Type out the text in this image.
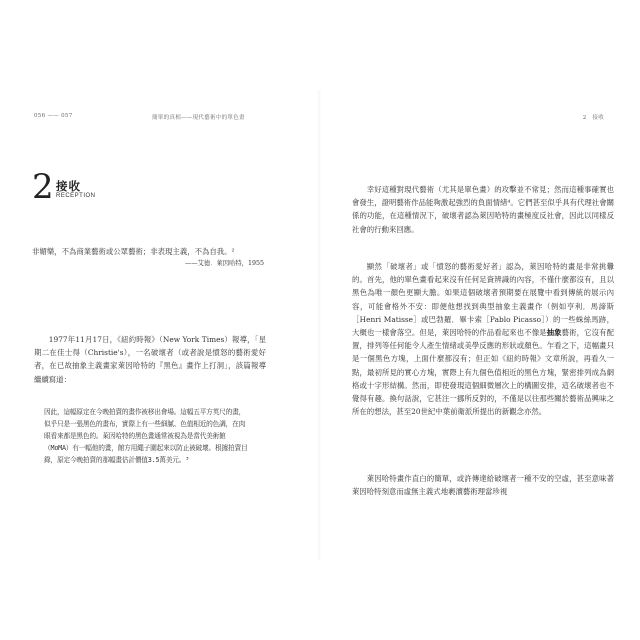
056 —— 057	簡單的真相——現代藝術中的單色畫
2 接收
RECEPTION

非媚樂，不為商業藝術或公眾藝術；非表現主義，不為自我。²

——艾德．萊因哈特，1955

1977年11月17日，《紐約時報》（New York Times）報導，「星期二在佳士得（Christie's），一名破壞者（或者說是憤怒的藝術愛好者，在已故抽象主義畫家萊因哈特的『黑色』畫作上打洞」，該篇報導繼續寫道：

因此，這幅原定在今晚拍賣的畫作被移出會場。這幅五平方英尺的畫，似乎只是一張黑色的畫布，實際上有一些細膩、色值相近的色調，在肉眼看來都是黑色的。萊因哈特的黑色畫通常被視為是當代美術館（MoMA）有一幅他的畫，館方用繩子圍起來以防止被破壞。根據拍賣目錄，原定今晚拍賣的那幅畫估計價值3.5萬美元。³

2　接收

幸好這種對現代藝術（尤其是單色畫）的攻擊並不常見；然而這種事確實也會發生，證明藝術作品能夠激起強烈的負面情緒⁴。它們甚至似乎具有代理社會關係的功能，在這種情況下，破壞者認為萊因哈特的畫極度反社會，因此以同樣反社會的行動來回應。

顯然「破壞者」或「憤怒的藝術愛好者」認為，萊因哈特的畫是非常挑釁的。首先，他的單色畫看起來沒有任何足資辨識的內容，不僅什麼都沒有，且以黑色為唯一顏色更顯大膽。如果這個破壞者預期要在展覽中看到傳統的展示內容，可能會格外不安：即便他想找到典型抽象主義畫作（例如亨利．馬諦斯［Henri Matisse］或巴勃羅．畢卡索［Pablo Picasso］）的一些蛛絲馬跡，大概也一樣會落空。但是，萊因哈特的作品看起來也不像是抽象藝術，它沒有配置，排列等任何能令人產生情緒或美學反應的形狀或顏色。乍看之下，這幅畫只是一個黑色方塊，上面什麼都沒有；但正如《紐約時報》文章所說，再看久一點，最初所見的實心方塊，實際上有九個色值相近的黑色方塊，緊密排列成為網格或十字形結構。然而，即使發現這個細微層次上的構圖安排，這名破壞者也不覺得有趣。換句話說，它甚注一挪所反對的，不僅是以往那些關於藝術品興味之所在的想法，甚至20世紀中葉前衛派所提出的新觀念亦然。

萊因哈特畫作直白的簡單，或許傳達給破壞者一種不安的空虛，甚至意味著萊因哈特刻意而虛無主義式地褻瀆藝術理當珍視
